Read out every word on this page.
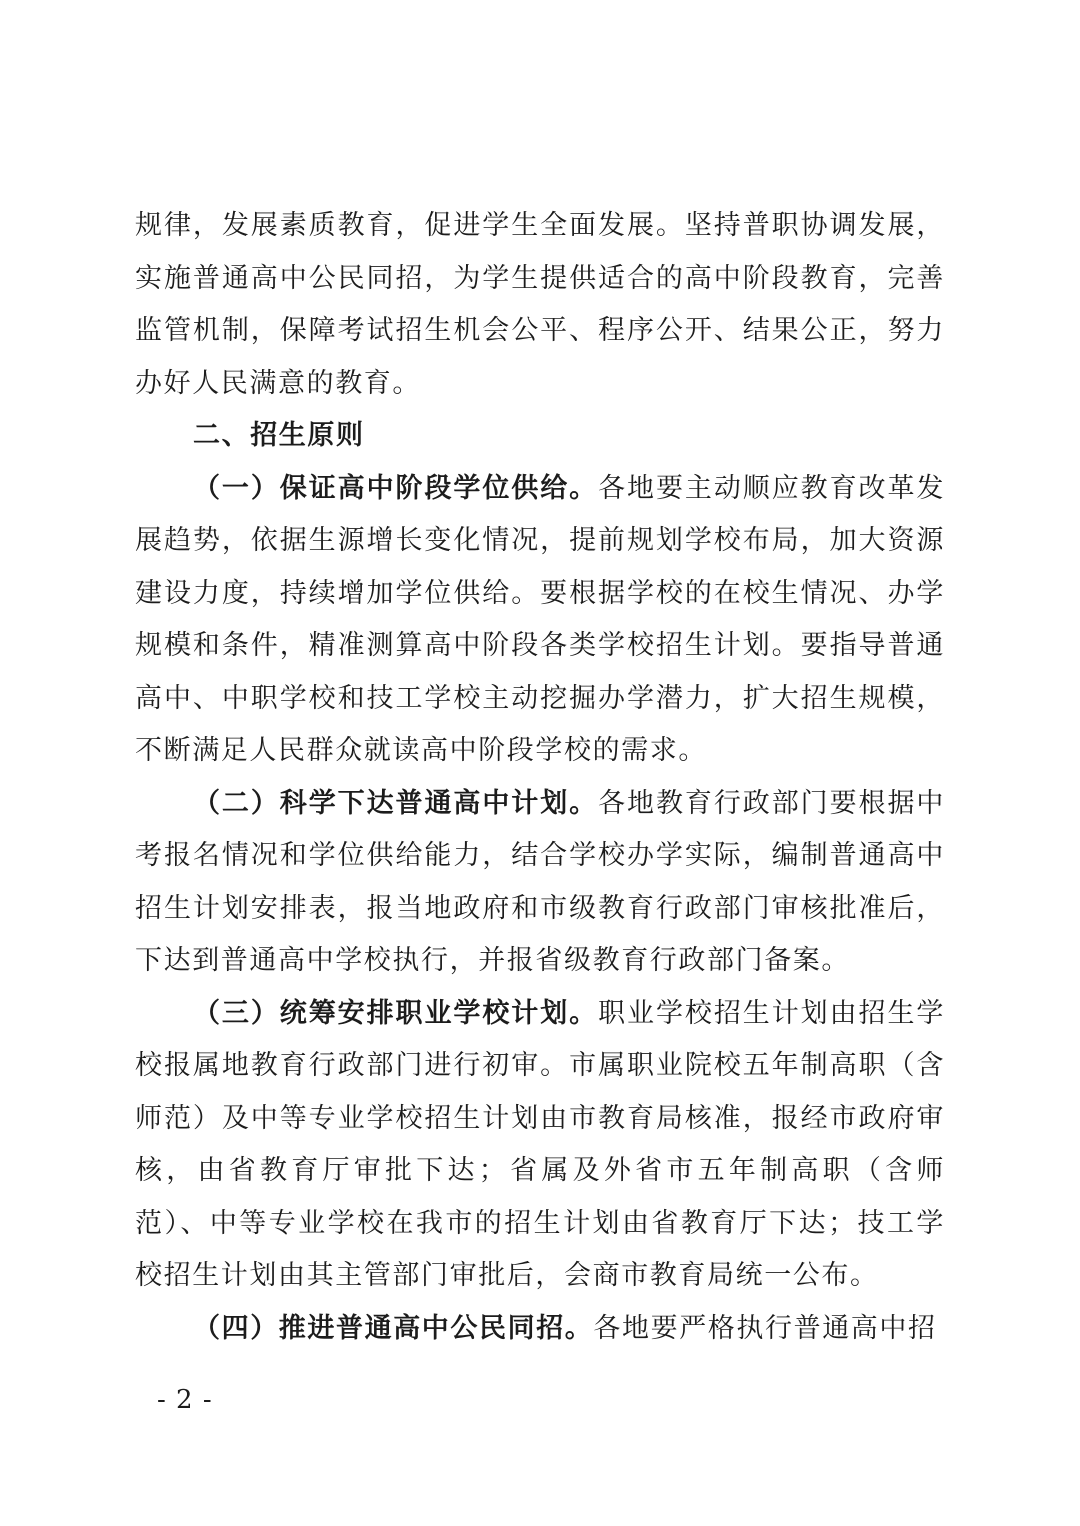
规律，发展素质教育，促进学生全面发展。坚持普职协调发展，实施普通高中公民同招，为学生提供适合的高中阶段教育，完善监管机制，保障考试招生机会公平、程序公开、结果公正，努力办好人民满意的教育。

二、招生原则

（一）保证高中阶段学位供给。各地要主动顺应教育改革发展趋势，依据生源增长变化情况，提前规划学校布局，加大资源建设力度，持续增加学位供给。要根据学校的在校生情况、办学规模和条件，精准测算高中阶段各类学校招生计划。要指导普通高中、中职学校和技工学校主动挖掘办学潜力，扩大招生规模，不断满足人民群众就读高中阶段学校的需求。

（二）科学下达普通高中计划。各地教育行政部门要根据中考报名情况和学位供给能力，结合学校办学实际，编制普通高中招生计划安排表，报当地政府和市级教育行政部门审核批准后，下达到普通高中学校执行，并报省级教育行政部门备案。

（三）统筹安排职业学校计划。职业学校招生计划由招生学校报属地教育行政部门进行初审。市属职业院校五年制高职（含师范）及中等专业学校招生计划由市教育局核准，报经市政府审核，由省教育厅审批下达；省属及外省市五年制高职（含师范）、中等专业学校在我市的招生计划由省教育厅下达；技工学校招生计划由其主管部门审批后，会商市教育局统一公布。

（四）推进普通高中公民同招。各地要严格执行普通高中招

- 2 -
